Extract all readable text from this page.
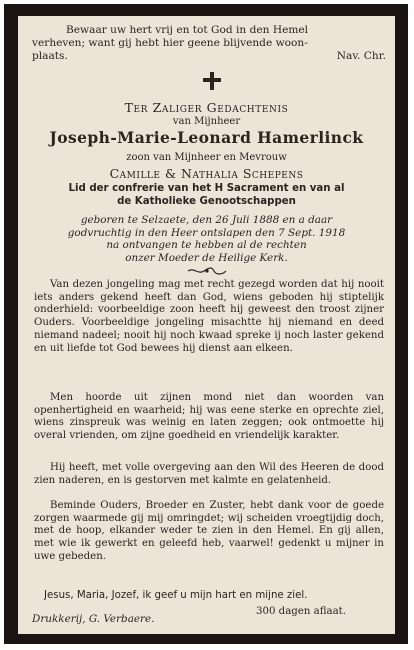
Bewaar uw hert vrij en tot God in den Hemel
verheven; want gij hebt hier geene blijvende woon-
plaats.	Nav. Chr.

Ter Zaliger Gedachtenis

van Mijnheer

Joseph-Marie-Leonard Hamerlinck

zoon van Mijnheer en Mevrouw

Camille & Nathalia Schepens

Lid der confrerie van het H Sacrament en van al
de Katholieke Genootschappen
geboren te Selzaete, den 26 Juli 1888 en a daar
godvruchtig in den Heer ontslapen den 7 Sept. 1918
na ontvangen te hebben al de rechten
onzer Moeder de Heilige Kerk.

Van dezen jongeling mag met recht gezegd worden dat hij nooit iets anders gekend heeft dan God, wiens geboden hij stiptelijk onderhield: voorbeeldige zoon heeft hij geweest den troost zijner Ouders. Voorbeeldige jongeling misachtte hij niemand en deed niemand nadeel; nooit hij noch kwaad spreke ij noch laster gekend en uit liefde tot God bewees hij dienst aan elkeen.

Men hoorde uit zijnen mond niet dan woorden van openhertigheid en waarheid; hij was eene sterke en oprechte ziel, wiens zinspreuk was weinig en laten zeggen; ook ontmoette hij overal vrienden, om zijne goedheid en vriendelijk karakter.

Hij heeft, met volle overgeving aan den Wil des Heeren de dood zien naderen, en is gestorven met kalmte en gelatenheid.

Beminde Ouders, Broeder en Zuster, hebt dank voor de goede zorgen waarmede gij mij omringdet; wij scheiden vroegtijdig doch, met de hoop, elkander weder te zien in den Hemel. En gij allen, met wie ik gewerkt en geleefd heb, vaarwel! gedenkt u mijner in uwe gebeden.

Jesus, Maria, Jozef, ik geef u mijn hart en mijne ziel.

300 dagen aflaat.

Drukkerij, G. Verbaere.
